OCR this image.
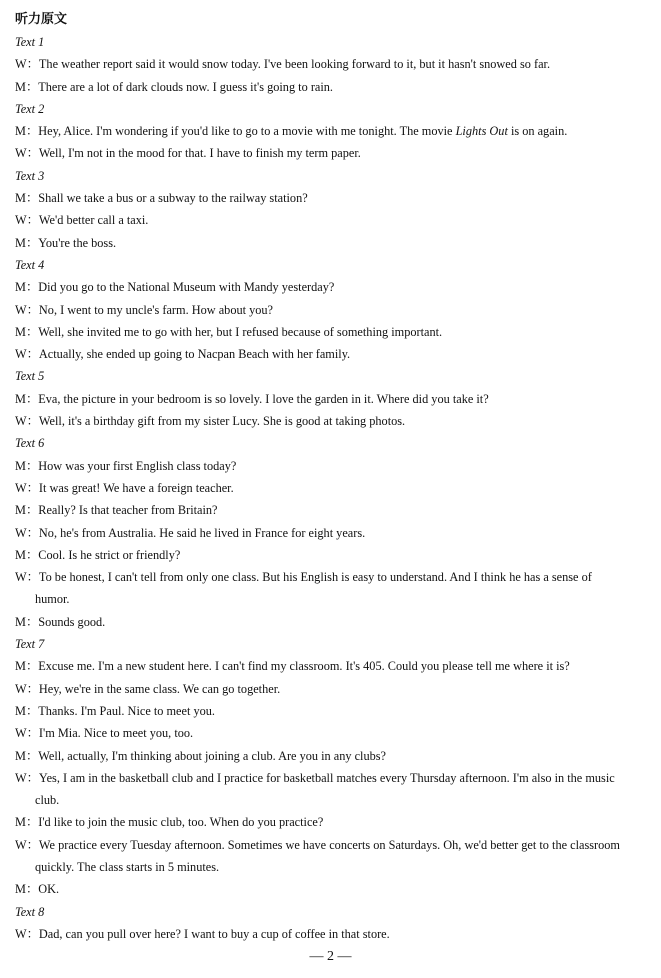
听力原文
Text 1
W：The weather report said it would snow today. I've been looking forward to it, but it hasn't snowed so far.
M：There are a lot of dark clouds now. I guess it's going to rain.
Text 2
M：Hey, Alice. I'm wondering if you'd like to go to a movie with me tonight. The movie Lights Out is on again.
W：Well, I'm not in the mood for that. I have to finish my term paper.
Text 3
M：Shall we take a bus or a subway to the railway station?
W：We'd better call a taxi.
M：You're the boss.
Text 4
M：Did you go to the National Museum with Mandy yesterday?
W：No, I went to my uncle's farm. How about you?
M：Well, she invited me to go with her, but I refused because of something important.
W：Actually, she ended up going to Nacpan Beach with her family.
Text 5
M：Eva, the picture in your bedroom is so lovely. I love the garden in it. Where did you take it?
W：Well, it's a birthday gift from my sister Lucy. She is good at taking photos.
Text 6
M：How was your first English class today?
W：It was great! We have a foreign teacher.
M：Really? Is that teacher from Britain?
W：No, he's from Australia. He said he lived in France for eight years.
M：Cool. Is he strict or friendly?
W：To be honest, I can't tell from only one class. But his English is easy to understand. And I think he has a sense of
humor.
M：Sounds good.
Text 7
M：Excuse me. I'm a new student here. I can't find my classroom. It's 405. Could you please tell me where it is?
W：Hey, we're in the same class. We can go together.
M：Thanks. I'm Paul. Nice to meet you.
W：I'm Mia. Nice to meet you, too.
M：Well, actually, I'm thinking about joining a club. Are you in any clubs?
W：Yes, I am in the basketball club and I practice for basketball matches every Thursday afternoon. I'm also in the music
club.
M：I'd like to join the music club, too. When do you practice?
W：We practice every Tuesday afternoon. Sometimes we have concerts on Saturdays. Oh, we'd better get to the classroom
quickly. The class starts in 5 minutes.
M：OK.
Text 8
W：Dad, can you pull over here? I want to buy a cup of coffee in that store.
— 2 —
